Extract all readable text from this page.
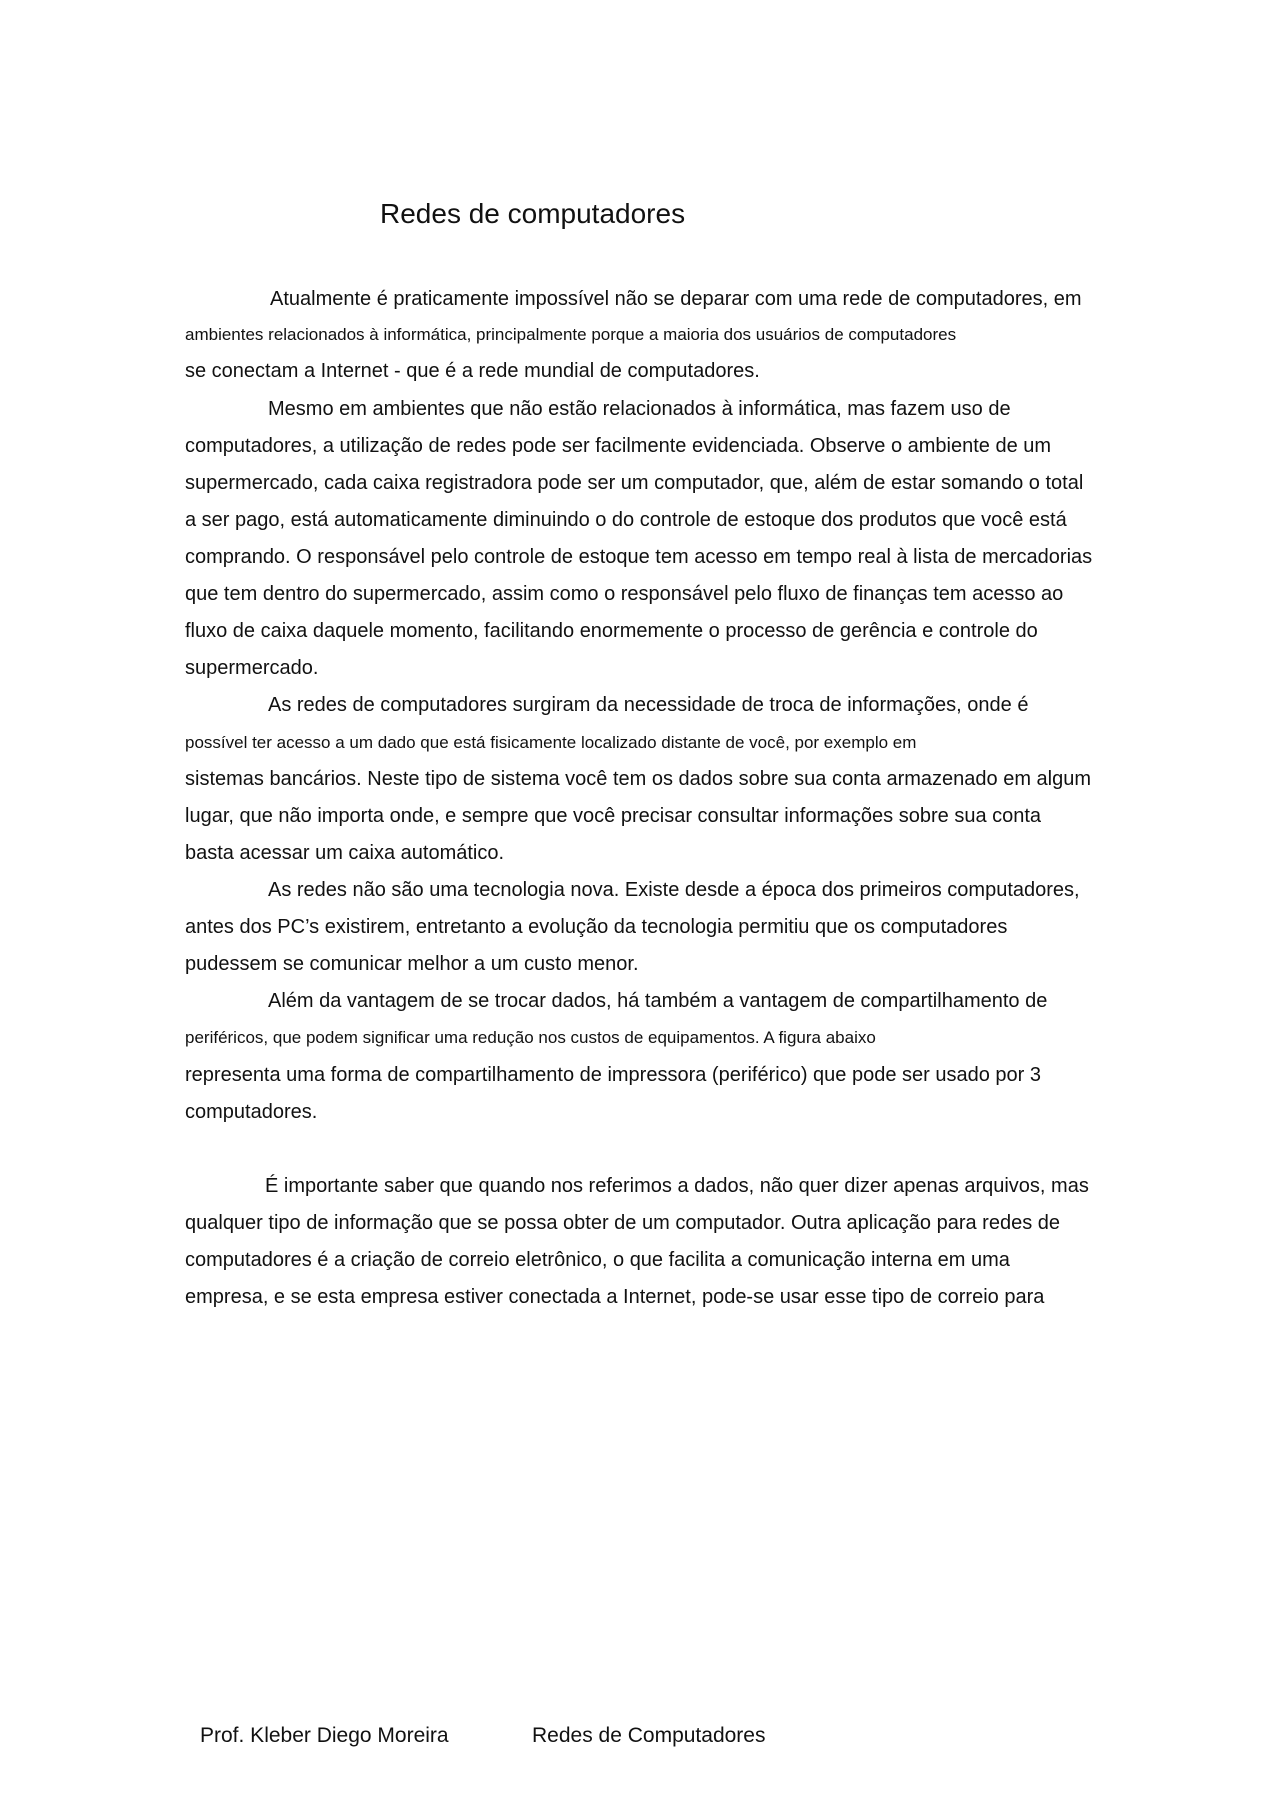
Redes de computadores
Atualmente é praticamente impossível não se deparar com uma rede de computadores, em
ambientes relacionados à informática, principalmente porque a maioria dos usuários de computadores
se conectam a Internet - que é a rede mundial de computadores.
Mesmo em ambientes que não estão relacionados à informática, mas fazem uso de
computadores, a utilização de redes pode ser facilmente evidenciada. Observe o ambiente de um
supermercado, cada caixa registradora pode ser um computador, que, além de estar somando o total
a ser pago, está automaticamente diminuindo o do controle de estoque dos produtos que você está
comprando. O responsável pelo controle de estoque tem acesso em tempo real à lista de mercadorias
que tem dentro do supermercado, assim como o responsável pelo fluxo de finanças tem acesso ao
fluxo de caixa daquele momento, facilitando enormemente o processo de gerência e controle do
supermercado.
As redes de computadores surgiram da necessidade de troca de informações, onde é
possível ter acesso a um dado que está fisicamente localizado distante de você, por exemplo em
sistemas bancários. Neste tipo de sistema você tem os dados sobre sua conta armazenado em algum
lugar, que não importa onde, e sempre que você precisar consultar informações sobre sua conta
basta acessar um caixa automático.
As redes não são uma tecnologia nova. Existe desde a época dos primeiros computadores,
antes dos PC’s existirem, entretanto a evolução da tecnologia permitiu que os computadores
pudessem se comunicar melhor a um custo menor.
Além da vantagem de se trocar dados, há também a vantagem de compartilhamento de
periféricos, que podem significar uma redução nos custos de equipamentos. A figura abaixo
representa uma forma de compartilhamento de impressora (periférico) que pode ser usado por 3
computadores.
É importante saber que quando nos referimos a dados, não quer dizer apenas arquivos, mas
qualquer tipo de informação que se possa obter de um computador. Outra aplicação para redes de
computadores é a criação de correio eletrônico, o que facilita a comunicação interna em uma
empresa, e se esta empresa estiver conectada a Internet, pode-se usar esse tipo de correio para
Prof. Kleber Diego Moreira	Redes de Computadores
